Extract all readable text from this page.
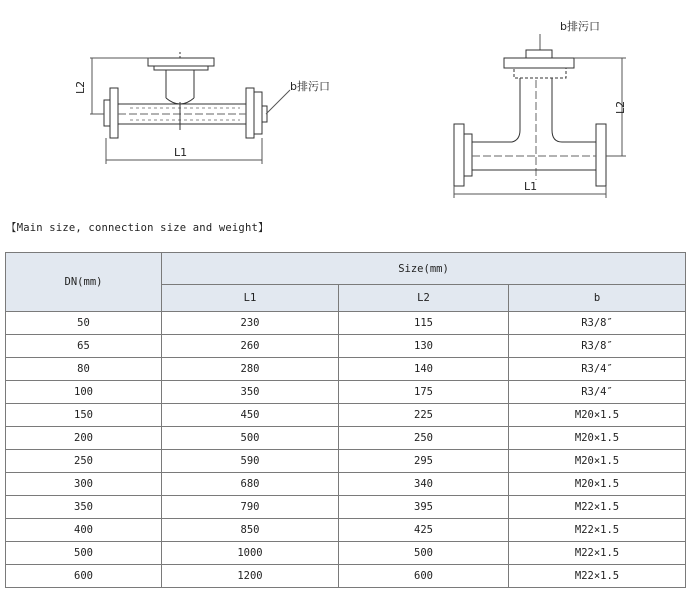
L2
L1
b排污口
b排污口
L2
L1
【Main size, connection size and weight】
DN(mm)	Size(mm)		
	L1	L2	b
50	230	115	R3/8″
65	260	130	R3/8″
80	280	140	R3/4″
100	350	175	R3/4″
150	450	225	M20×1.5
200	500	250	M20×1.5
250	590	295	M20×1.5
300	680	340	M20×1.5
350	790	395	M22×1.5
400	850	425	M22×1.5
500	1000	500	M22×1.5
600	1200	600	M22×1.5
